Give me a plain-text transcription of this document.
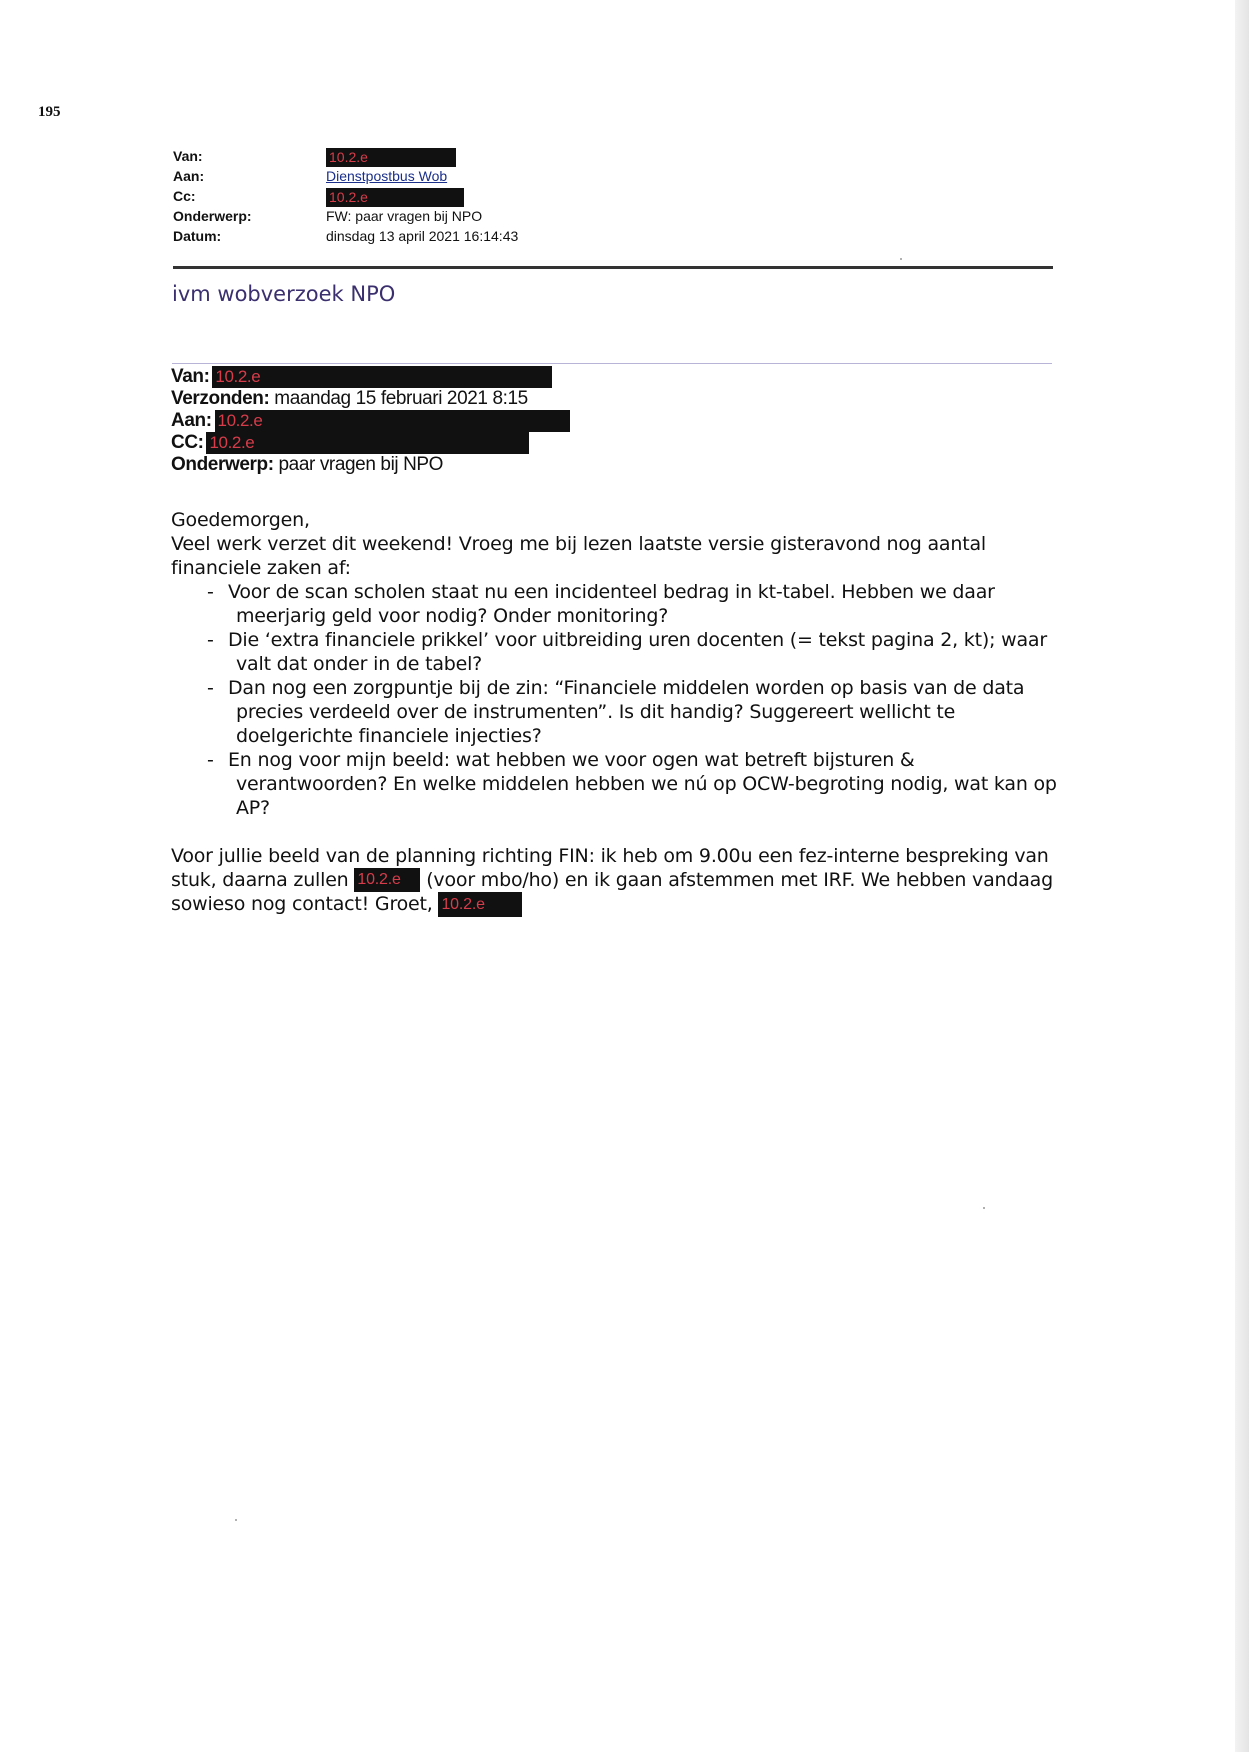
195
Van:	10.2.e
Aan:	Dienstpostbus Wob
Cc:	10.2.e
Onderwerp:	FW: paar vragen bij NPO
Datum:	dinsdag 13 april 2021 16:14:43
ivm wobverzoek NPO
Van: 10.2.e
Verzonden: maandag 15 februari 2021 8:15
Aan: 10.2.e
CC: 10.2.e
Onderwerp: paar vragen bij NPO

Goedemorgen,

Veel werk verzet dit weekend! Vroeg me bij lezen laatste versie gisteravond nog aantal financiele zaken af:

- Voor de scan scholen staat nu een incidenteel bedrag in kt-tabel. Hebben we daar meerjarig geld voor nodig? Onder monitoring?
- Die ‘extra financiele prikkel’ voor uitbreiding uren docenten (= tekst pagina 2, kt); waar valt dat onder in de tabel?
- Dan nog een zorgpuntje bij de zin: “Financiele middelen worden op basis van de data precies verdeeld over de instrumenten”. Is dit handig? Suggereert wellicht te doelgerichte financiele injecties?
- En nog voor mijn beeld: wat hebben we voor ogen wat betreft bijsturen & verantwoorden? En welke middelen hebben we nú op OCW-begroting nodig, wat kan op AP?

Voor jullie beeld van de planning richting FIN: ik heb om 9.00u een fez-interne bespreking van stuk, daarna zullen 10.2.e (voor mbo/ho) en ik gaan afstemmen met IRF. We hebben vandaag sowieso nog contact! Groet, 10.2.e
